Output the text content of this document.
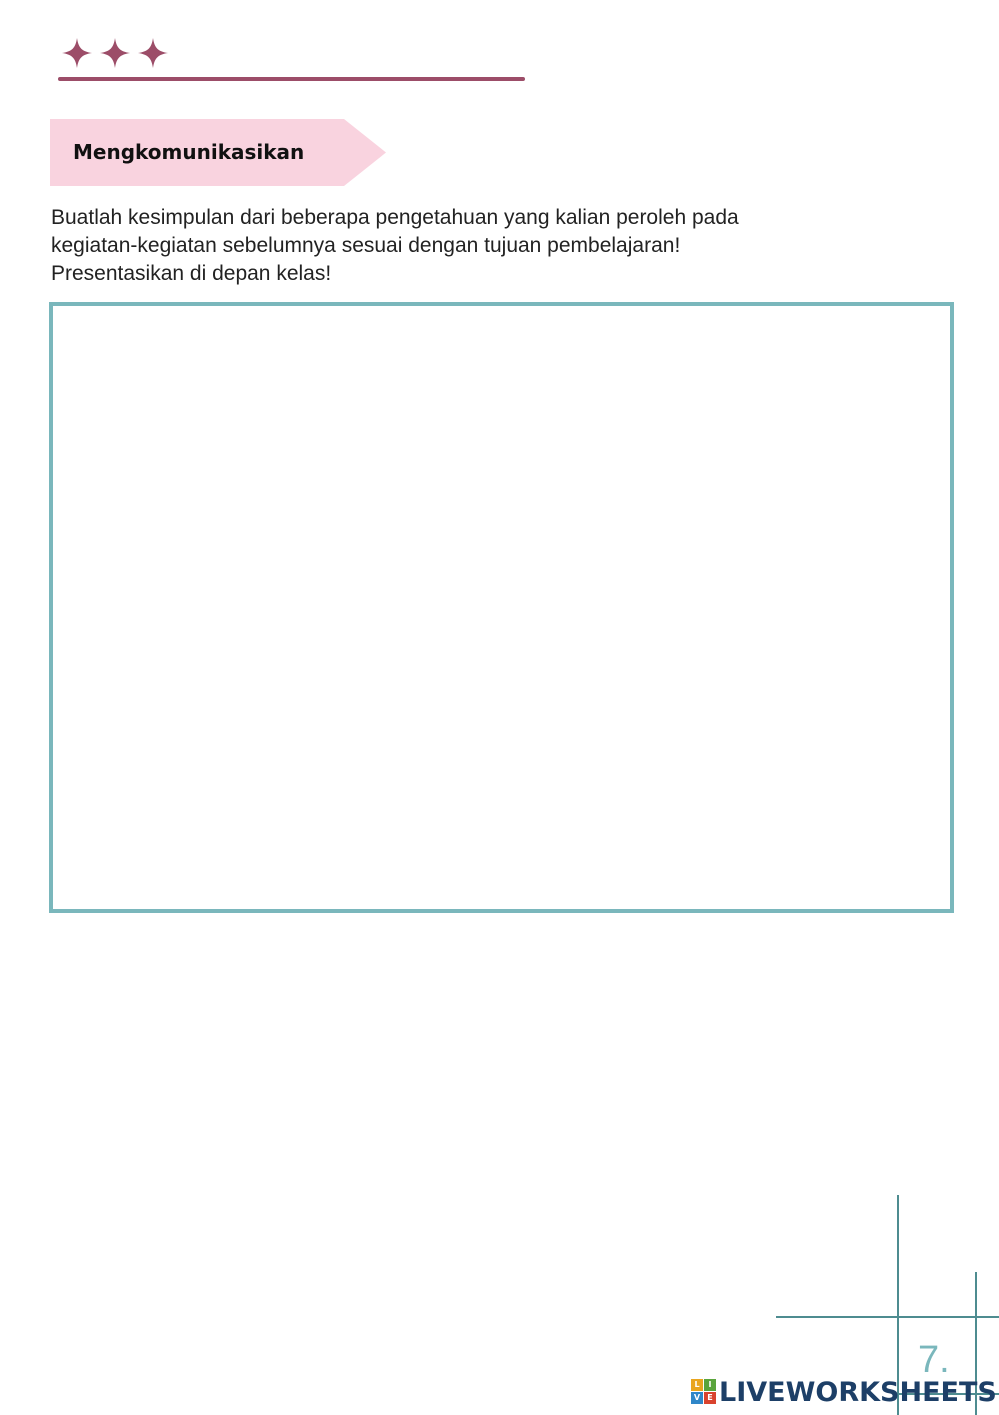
Mengkomunikasikan

Buatlah kesimpulan dari beberapa pengetahuan yang kalian peroleh pada

kegiatan-kegiatan sebelumnya sesuai dengan tujuan pembelajaran!

Presentasikan di depan kelas!

7.
L	I
V E LIVEWORKSHEETS
